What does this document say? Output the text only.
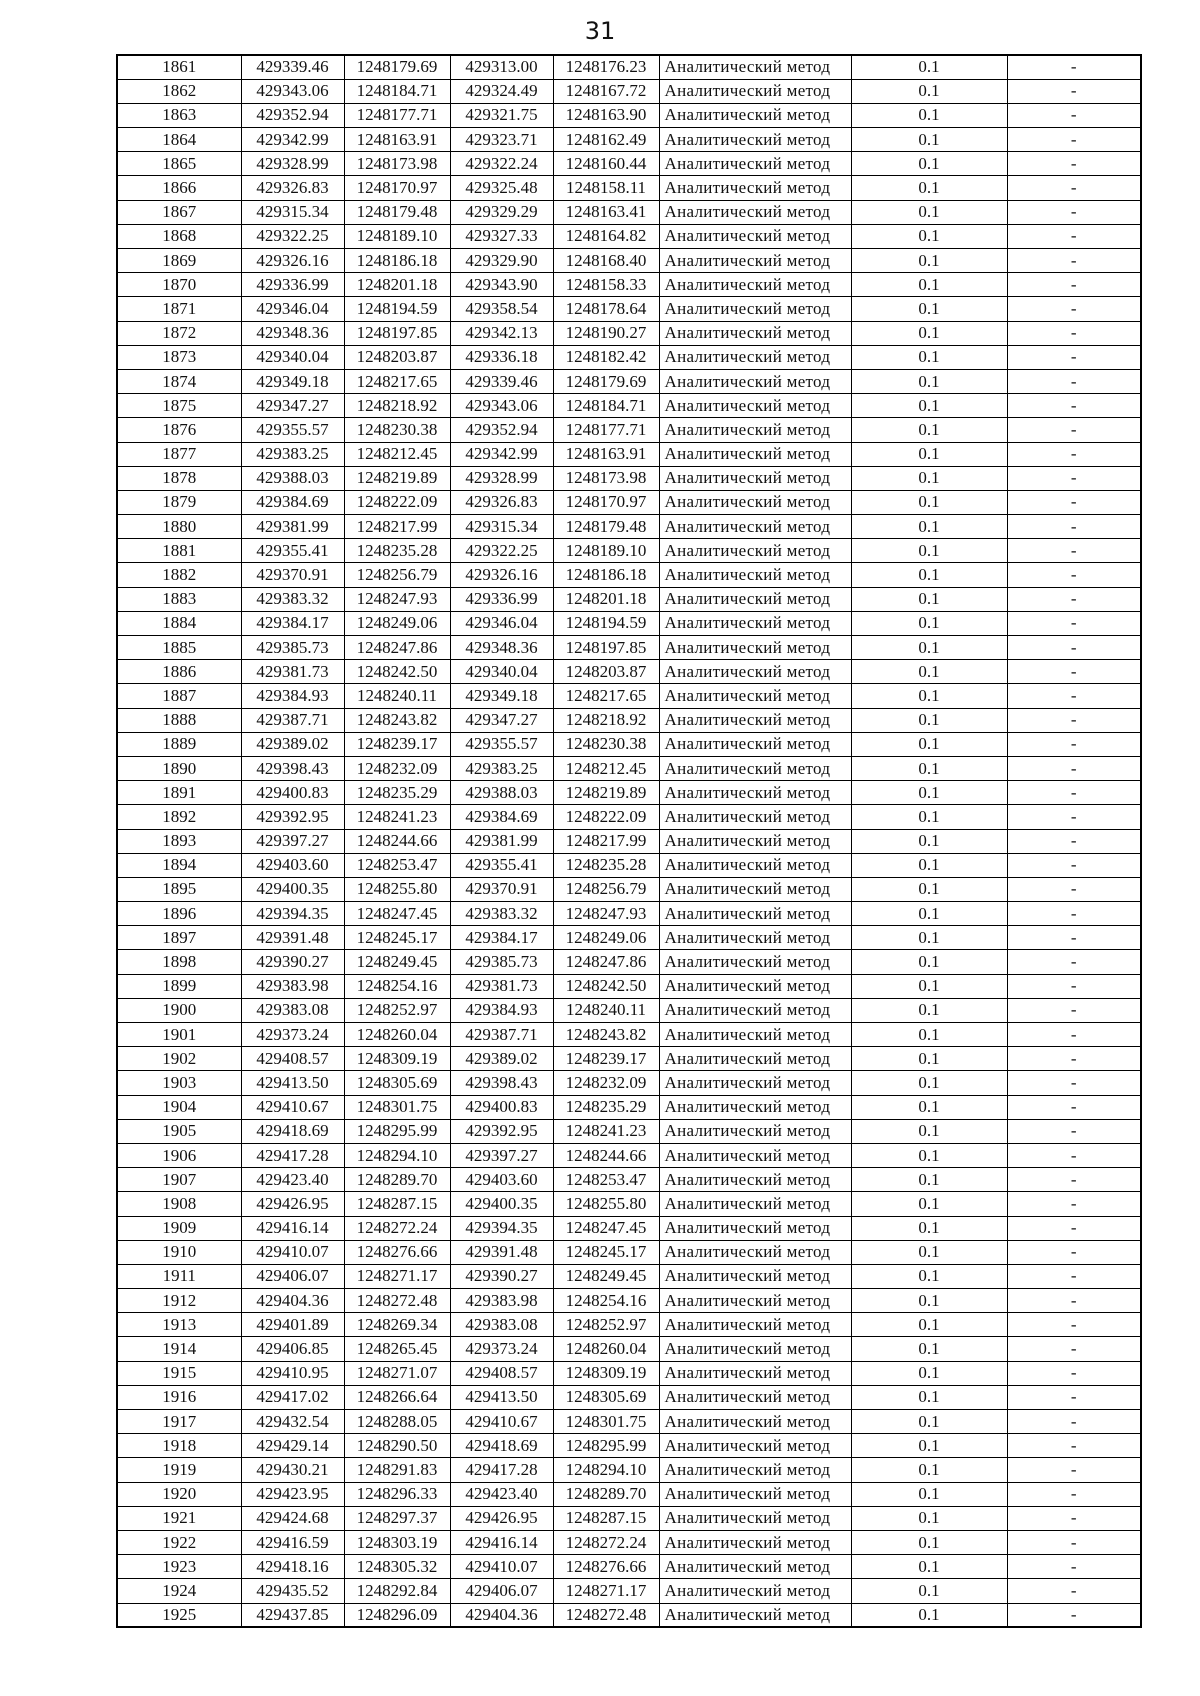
31
1861	429339.46	1248179.69	429313.00	1248176.23	Аналитический метод	0.1	-
1862	429343.06	1248184.71	429324.49	1248167.72	Аналитический метод	0.1	-
1863	429352.94	1248177.71	429321.75	1248163.90	Аналитический метод	0.1	-
1864	429342.99	1248163.91	429323.71	1248162.49	Аналитический метод	0.1	-
1865	429328.99	1248173.98	429322.24	1248160.44	Аналитический метод	0.1	-
1866	429326.83	1248170.97	429325.48	1248158.11	Аналитический метод	0.1	-
1867	429315.34	1248179.48	429329.29	1248163.41	Аналитический метод	0.1	-
1868	429322.25	1248189.10	429327.33	1248164.82	Аналитический метод	0.1	-
1869	429326.16	1248186.18	429329.90	1248168.40	Аналитический метод	0.1	-
1870	429336.99	1248201.18	429343.90	1248158.33	Аналитический метод	0.1	-
1871	429346.04	1248194.59	429358.54	1248178.64	Аналитический метод	0.1	-
1872	429348.36	1248197.85	429342.13	1248190.27	Аналитический метод	0.1	-
1873	429340.04	1248203.87	429336.18	1248182.42	Аналитический метод	0.1	-
1874	429349.18	1248217.65	429339.46	1248179.69	Аналитический метод	0.1	-
1875	429347.27	1248218.92	429343.06	1248184.71	Аналитический метод	0.1	-
1876	429355.57	1248230.38	429352.94	1248177.71	Аналитический метод	0.1	-
1877	429383.25	1248212.45	429342.99	1248163.91	Аналитический метод	0.1	-
1878	429388.03	1248219.89	429328.99	1248173.98	Аналитический метод	0.1	-
1879	429384.69	1248222.09	429326.83	1248170.97	Аналитический метод	0.1	-
1880	429381.99	1248217.99	429315.34	1248179.48	Аналитический метод	0.1	-
1881	429355.41	1248235.28	429322.25	1248189.10	Аналитический метод	0.1	-
1882	429370.91	1248256.79	429326.16	1248186.18	Аналитический метод	0.1	-
1883	429383.32	1248247.93	429336.99	1248201.18	Аналитический метод	0.1	-
1884	429384.17	1248249.06	429346.04	1248194.59	Аналитический метод	0.1	-
1885	429385.73	1248247.86	429348.36	1248197.85	Аналитический метод	0.1	-
1886	429381.73	1248242.50	429340.04	1248203.87	Аналитический метод	0.1	-
1887	429384.93	1248240.11	429349.18	1248217.65	Аналитический метод	0.1	-
1888	429387.71	1248243.82	429347.27	1248218.92	Аналитический метод	0.1	-
1889	429389.02	1248239.17	429355.57	1248230.38	Аналитический метод	0.1	-
1890	429398.43	1248232.09	429383.25	1248212.45	Аналитический метод	0.1	-
1891	429400.83	1248235.29	429388.03	1248219.89	Аналитический метод	0.1	-
1892	429392.95	1248241.23	429384.69	1248222.09	Аналитический метод	0.1	-
1893	429397.27	1248244.66	429381.99	1248217.99	Аналитический метод	0.1	-
1894	429403.60	1248253.47	429355.41	1248235.28	Аналитический метод	0.1	-
1895	429400.35	1248255.80	429370.91	1248256.79	Аналитический метод	0.1	-
1896	429394.35	1248247.45	429383.32	1248247.93	Аналитический метод	0.1	-
1897	429391.48	1248245.17	429384.17	1248249.06	Аналитический метод	0.1	-
1898	429390.27	1248249.45	429385.73	1248247.86	Аналитический метод	0.1	-
1899	429383.98	1248254.16	429381.73	1248242.50	Аналитический метод	0.1	-
1900	429383.08	1248252.97	429384.93	1248240.11	Аналитический метод	0.1	-
1901	429373.24	1248260.04	429387.71	1248243.82	Аналитический метод	0.1	-
1902	429408.57	1248309.19	429389.02	1248239.17	Аналитический метод	0.1	-
1903	429413.50	1248305.69	429398.43	1248232.09	Аналитический метод	0.1	-
1904	429410.67	1248301.75	429400.83	1248235.29	Аналитический метод	0.1	-
1905	429418.69	1248295.99	429392.95	1248241.23	Аналитический метод	0.1	-
1906	429417.28	1248294.10	429397.27	1248244.66	Аналитический метод	0.1	-
1907	429423.40	1248289.70	429403.60	1248253.47	Аналитический метод	0.1	-
1908	429426.95	1248287.15	429400.35	1248255.80	Аналитический метод	0.1	-
1909	429416.14	1248272.24	429394.35	1248247.45	Аналитический метод	0.1	-
1910	429410.07	1248276.66	429391.48	1248245.17	Аналитический метод	0.1	-
1911	429406.07	1248271.17	429390.27	1248249.45	Аналитический метод	0.1	-
1912	429404.36	1248272.48	429383.98	1248254.16	Аналитический метод	0.1	-
1913	429401.89	1248269.34	429383.08	1248252.97	Аналитический метод	0.1	-
1914	429406.85	1248265.45	429373.24	1248260.04	Аналитический метод	0.1	-
1915	429410.95	1248271.07	429408.57	1248309.19	Аналитический метод	0.1	-
1916	429417.02	1248266.64	429413.50	1248305.69	Аналитический метод	0.1	-
1917	429432.54	1248288.05	429410.67	1248301.75	Аналитический метод	0.1	-
1918	429429.14	1248290.50	429418.69	1248295.99	Аналитический метод	0.1	-
1919	429430.21	1248291.83	429417.28	1248294.10	Аналитический метод	0.1	-
1920	429423.95	1248296.33	429423.40	1248289.70	Аналитический метод	0.1	-
1921	429424.68	1248297.37	429426.95	1248287.15	Аналитический метод	0.1	-
1922	429416.59	1248303.19	429416.14	1248272.24	Аналитический метод	0.1	-
1923	429418.16	1248305.32	429410.07	1248276.66	Аналитический метод	0.1	-
1924	429435.52	1248292.84	429406.07	1248271.17	Аналитический метод	0.1	-
1925	429437.85	1248296.09	429404.36	1248272.48	Аналитический метод	0.1	-
